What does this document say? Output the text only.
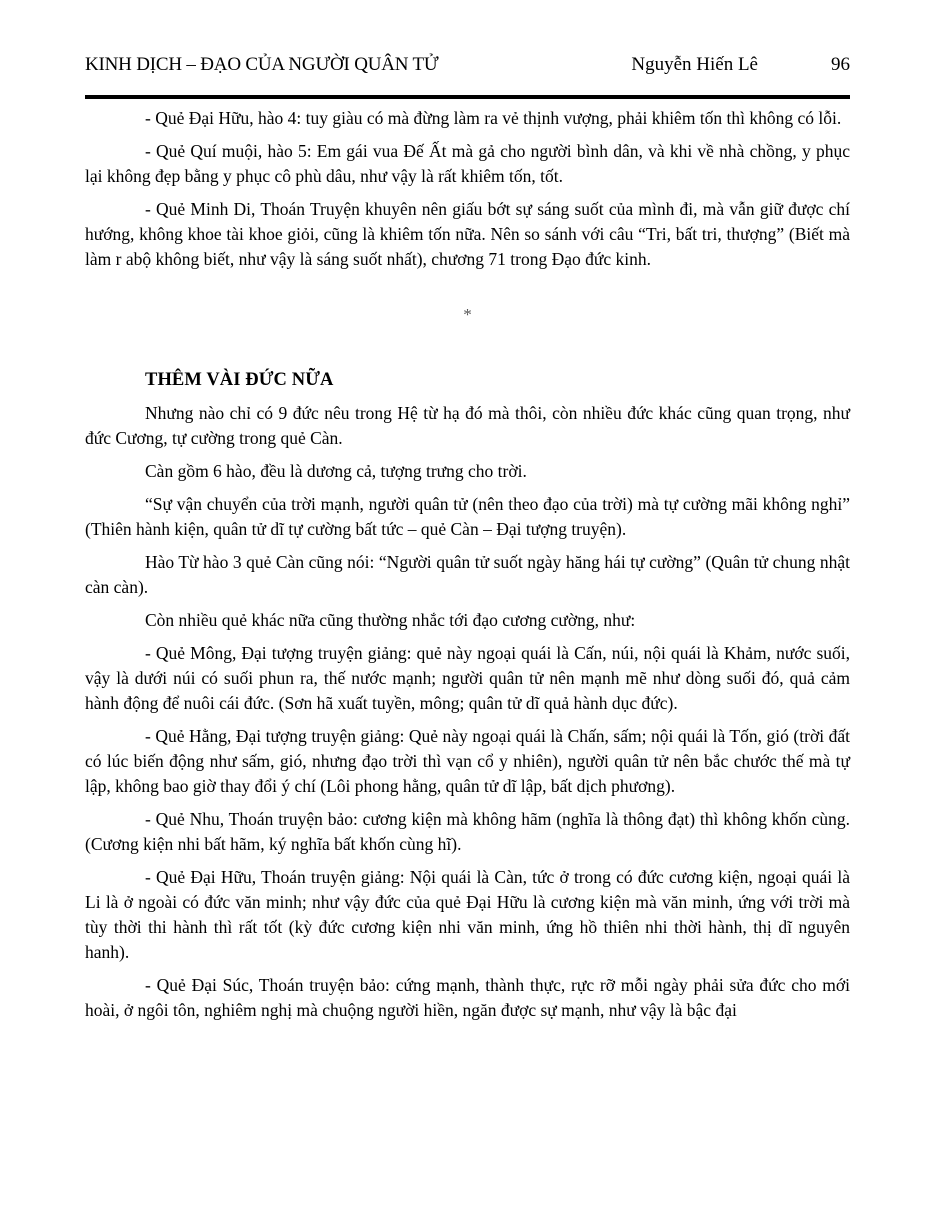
KINH DỊCH – ĐẠO CỦA NGƯỜI QUÂN TỬ	Nguyễn Hiến Lê	96

- Quẻ Đại Hữu, hào 4: tuy giàu có mà đừng làm ra vẻ thịnh vượng, phải khiêm tốn thì không có lỗi.

- Quẻ Quí muội, hào 5: Em gái vua Đế Ất mà gả cho người bình dân, và khi về nhà chồng, y phục lại không đẹp bằng y phục cô phù dâu, như vậy là rất khiêm tốn, tốt.

- Quẻ Minh Di, Thoán Truyện khuyên nên giấu bớt sự sáng suốt của mình đi, mà vẫn giữ được chí hướng, không khoe tài khoe giỏi, cũng là khiêm tốn nữa. Nên so sánh với câu “Tri, bất tri, thượng” (Biết mà làm r abộ không biết, như vậy là sáng suốt nhất), chương 71 trong Đạo đức kinh.

*
THÊM VÀI ĐỨC NỮA

Nhưng nào chỉ có 9 đức nêu trong Hệ từ hạ đó mà thôi, còn nhiều đức khác cũng quan trọng, như đức Cương, tự cường trong quẻ Càn.

Càn gồm 6 hào, đều là dương cả, tượng trưng cho trời.

“Sự vận chuyển của trời mạnh, người quân tử (nên theo đạo của trời) mà tự cường mãi không nghỉ” (Thiên hành kiện, quân tử dĩ tự cường bất tức – quẻ Càn – Đại tượng truyện).

Hào Từ hào 3 quẻ Càn cũng nói: “Người quân tử suốt ngày hăng hái tự cường” (Quân tử chung nhật càn càn).

Còn nhiều quẻ khác nữa cũng thường nhắc tới đạo cương cường, như:

- Quẻ Mông, Đại tượng truyện giảng: quẻ này ngoại quái là Cấn, núi, nội quái là Khảm, nước suối, vậy là dưới núi có suối phun ra, thế nước mạnh; người quân tử nên mạnh mẽ như dòng suối đó, quả cảm hành động để nuôi cái đức. (Sơn hã xuất tuyền, mông; quân tử dĩ quả hành dục đức).

- Quẻ Hằng, Đại tượng truyện giảng: Quẻ này ngoại quái là Chấn, sấm; nội quái là Tốn, gió (trời đất có lúc biến động như sấm, gió, nhưng đạo trời thì vạn cổ y nhiên), người quân tử nên bắc chước thế mà tự lập, không bao giờ thay đổi ý chí (Lôi phong hằng, quân tử dĩ lập, bất dịch phương).

- Quẻ Nhu, Thoán truyện bảo: cương kiện mà không hãm (nghĩa là thông đạt) thì không khốn cùng. (Cương kiện nhi bất hãm, ký nghĩa bất khốn cùng hĩ).

- Quẻ Đại Hữu, Thoán truyện giảng: Nội quái là Càn, tức ở trong có đức cương kiện, ngoại quái là Li là ở ngoài có đức văn minh; như vậy đức của quẻ Đại Hữu là cương kiện mà văn minh, ứng với trời mà tùy thời thi hành thì rất tốt (kỳ đức cương kiện nhi văn minh, ứng hồ thiên nhi thời hành, thị dĩ nguyên hanh).

- Quẻ Đại Súc, Thoán truyện bảo: cứng mạnh, thành thực, rực rỡ mỗi ngày phải sửa đức cho mới hoài, ở ngôi tôn, nghiêm nghị mà chuộng người hiền, ngăn được sự mạnh, như vậy là bậc đại
